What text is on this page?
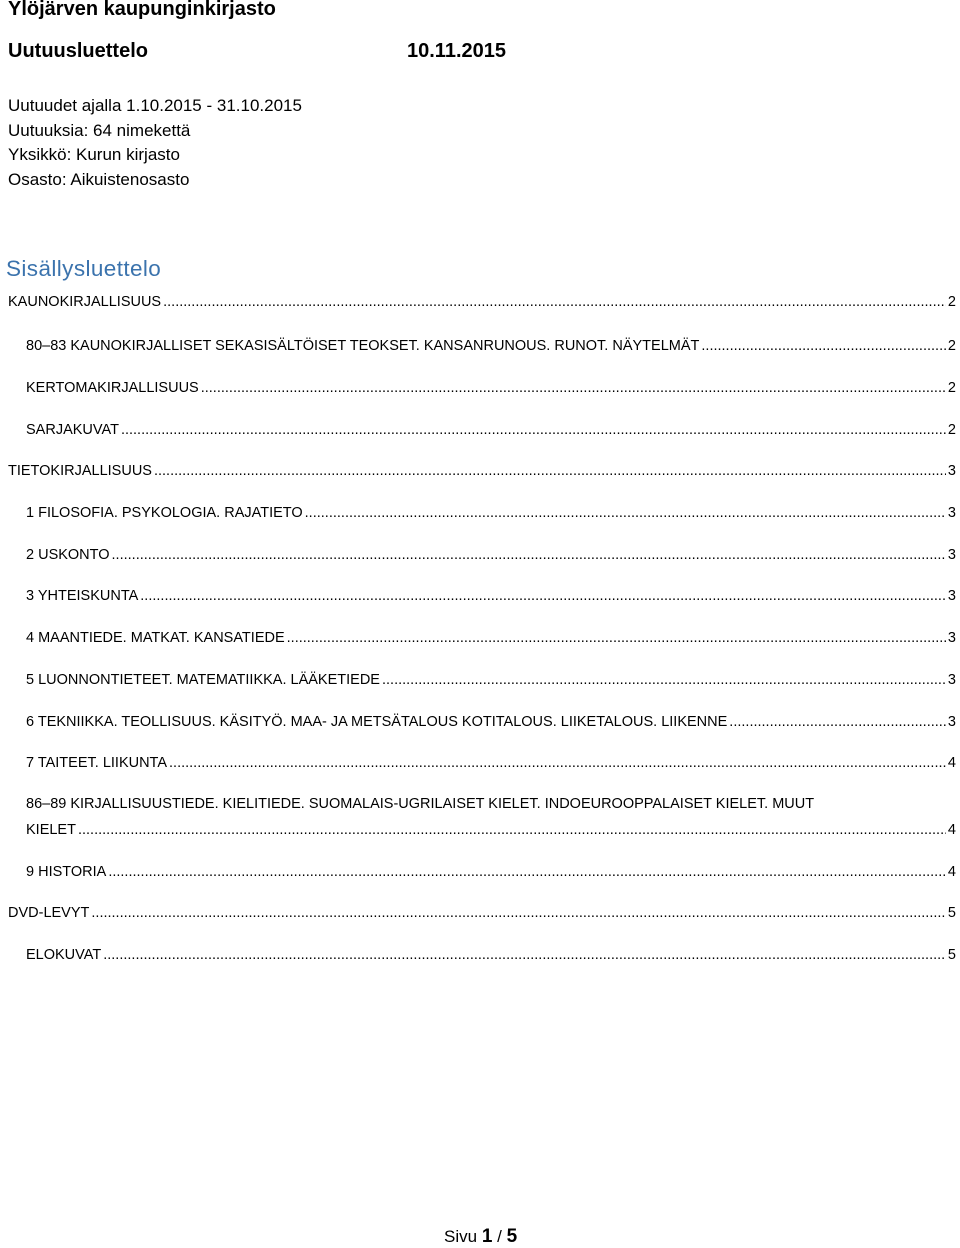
Ylöjärven kaupunginkirjasto
Uutuusluettelo	10.11.2015
Uutuudet ajalla 1.10.2015 - 31.10.2015
Uutuuksia: 64 nimekettä
Yksikkö: Kurun kirjasto
Osasto: Aikuistenosasto
Sisällysluettelo
KAUNOKIRJALLISUUS .....	2
80‒83 KAUNOKIRJALLISET SEKASISÄLTÖISET TEOKSET. KANSANRUNOUS. RUNOT. NÄYTELMÄT .....	2
KERTOMAKIRJALLISUUS .....	2
SARJAKUVAT .....	2
TIETOKIRJALLISUUS .....	3
1 FILOSOFIA. PSYKOLOGIA. RAJATIETO .....	3
2 USKONTO .....	3
3 YHTEISKUNTA .....	3
4 MAANTIEDE. MATKAT. KANSATIEDE .....	3
5 LUONNONTIETEET. MATEMATIIKKA. LÄÄKETIEDE .....	3
6 TEKNIIKKA. TEOLLISUUS. KÄSITYÖ. MAA- JA METSÄTALOUS KOTITALOUS. LIIKETALOUS. LIIKENNE .....	3
7 TAITEET. LIIKUNTA .....	4
86‒89 KIRJALLISUUSTIEDE. KIELITIEDE. SUOMALAIS-UGRILAISET KIELET. INDOEUROOPPALAISET KIELET. MUUT
KIELET .....	4
9 HISTORIA .....	4
DVD-LEVYT .....	5
ELOKUVAT .....	5
Sivu 1 / 5
